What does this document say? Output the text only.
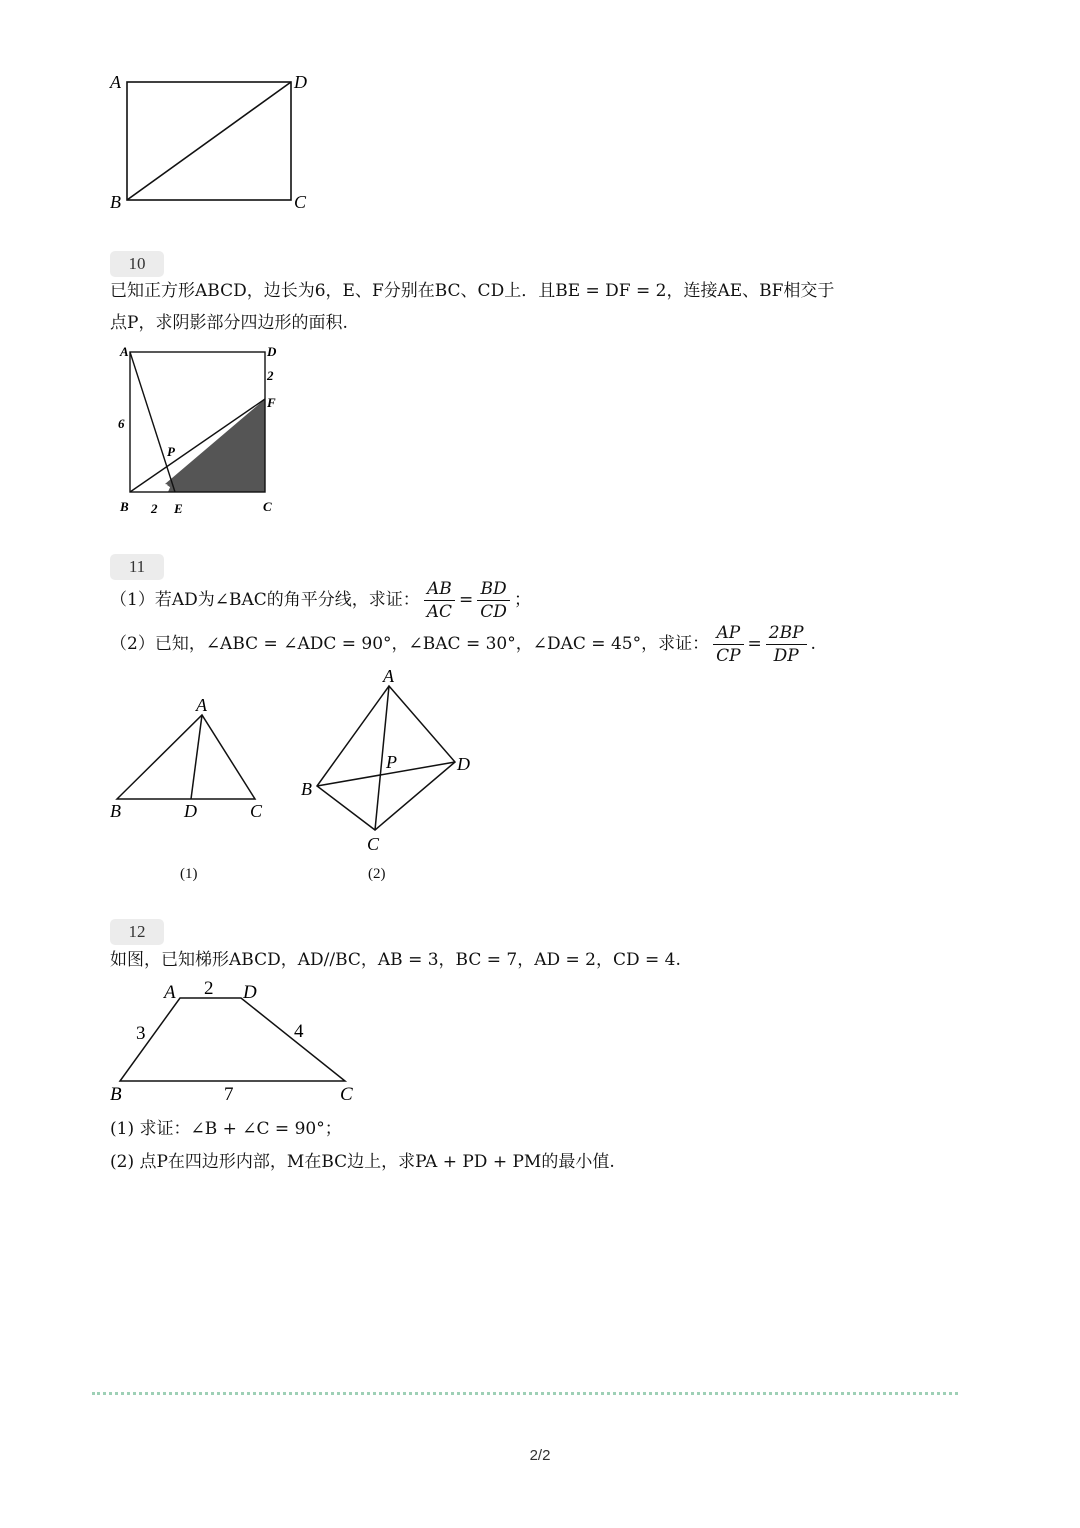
A	D
B	C
10
已知正方形ABCD，边长为6，E、F分别在BC、CD上．且BE = DF = 2，连接AE、BF相交于
点P，求阴影部分四边形的面积.
A	D
2
F
6
P
B 2 E	C
11
（1）若AD为∠BAC的角平分线，求证： $\frac{AB}{AC} = \frac{BD}{CD}$ ；
（2）已知，∠ABC = ∠ADC = 90°，∠BAC = 30°，∠DAC = 45°，求证： $\frac{AP}{CP} = \frac{2BP}{DP}$ .
A
B	D	C
(1)
A
P	D
B
C
(2)
12
如图，已知梯形ABCD，AD//BC，AB = 3，BC = 7，AD = 2，CD = 4.
A 2 D
3	4
B	7	C
(1) 求证：∠B + ∠C = 90°；
(2) 点P在四边形内部，M在BC边上，求PA + PD + PM的最小值.
2/2
